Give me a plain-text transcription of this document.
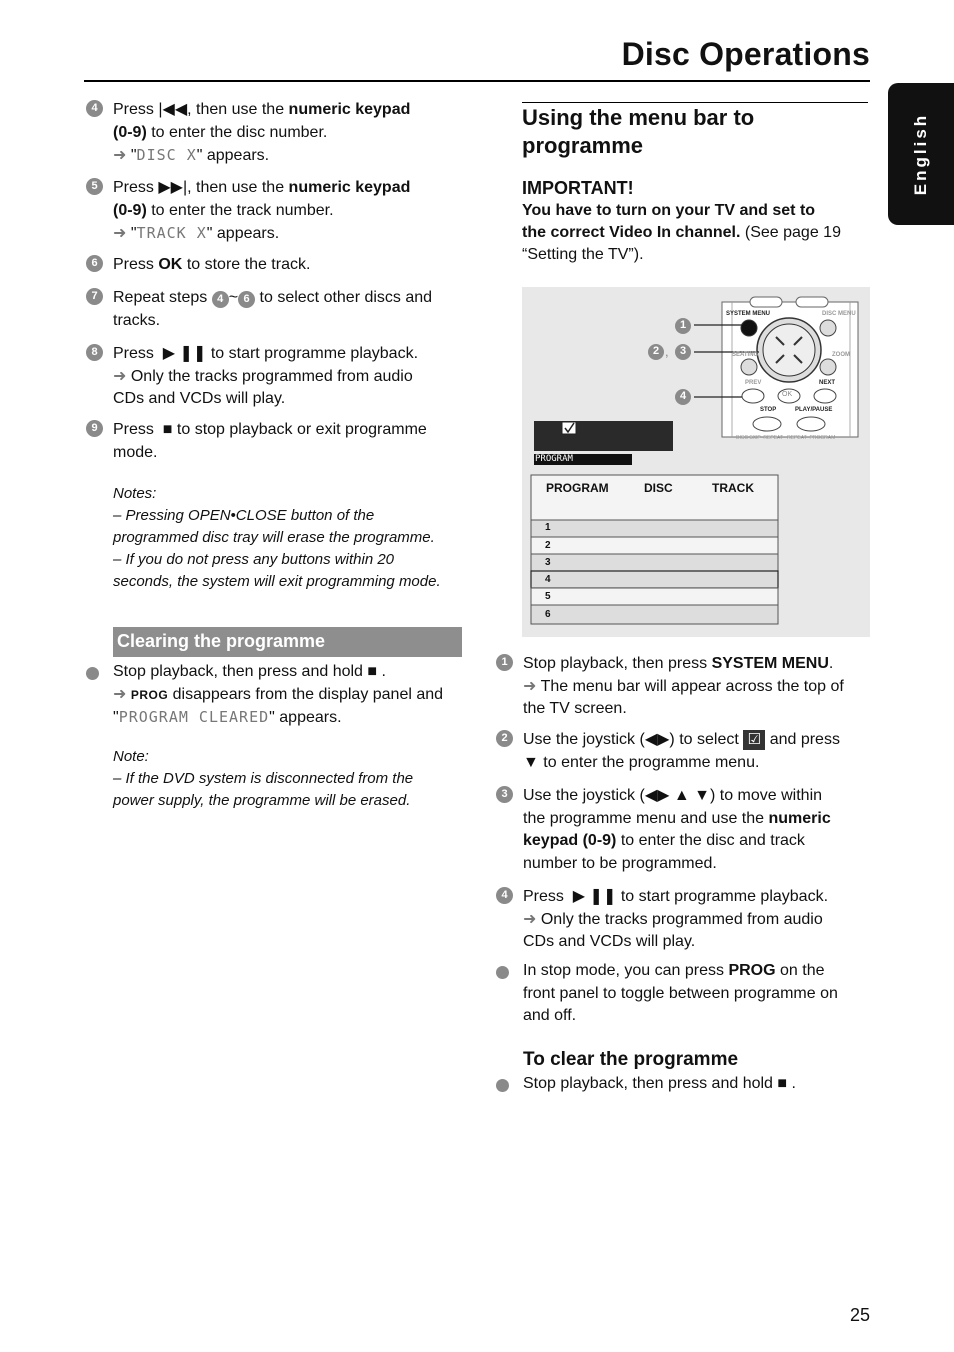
Disc Operations
English
4 Press |◀◀, then use the numeric keypad
(0-9) to enter the disc number.
➜ "DISC X" appears.
5 Press ▶▶|, then use the numeric keypad
(0-9) to enter the track number.
➜ "TRACK X" appears.
6 Press OK to store the track.
7 Repeat steps 4 ~ 6 to select other discs and
tracks.
8 Press  ▶ ❚❚ to start programme playback.
➜ Only the tracks programmed from audio
CDs and VCDs will play.
9 Press  ■ to stop playback or exit programme
mode.
Notes:
– Pressing OPEN•CLOSE button of the
programmed disc tray will erase the programme.
– If you do not press any buttons within 20
seconds, the system will exit programming mode.
Clearing the programme
Stop playback, then press and hold ■ .
➜ PROG disappears from the display panel and
"PROGRAM CLEARED" appears.
Note:
– If the DVD system is disconnected from the
power supply, the programme will be erased.
Using the menu bar to
programme
IMPORTANT!
You have to turn on your TV and set to
the correct Video In channel. (See page 19
“Setting the TV”).
1
2 , 3
4
SYSTEM MENU	DISC MENU
SEATING	ZOOM
PREV	NEXT
OK
STOP	PLAY/PAUSE
DISC SKIP  REPEAT   REPEAT  PROGRAM
PROGRAM
PROGRAM	DISC	TRACK
1
2
3
4
5
6
1 Stop playback, then press SYSTEM MENU.
➜ The menu bar will appear across the top of
the TV screen.
2 Use the joystick (◀▶) to select ☑ and press
▼ to enter the programme menu.
3 Use the joystick (◀▶ ▲ ▼) to move within
the programme menu and use the numeric
keypad (0-9) to enter the disc and track
number to be programmed.
4 Press  ▶ ❚❚ to start programme playback.
➜ Only the tracks programmed from audio
CDs and VCDs will play.
In stop mode, you can press PROG on the
front panel to toggle between programme on
and off.
To clear the programme
Stop playback, then press and hold ■ .
25
